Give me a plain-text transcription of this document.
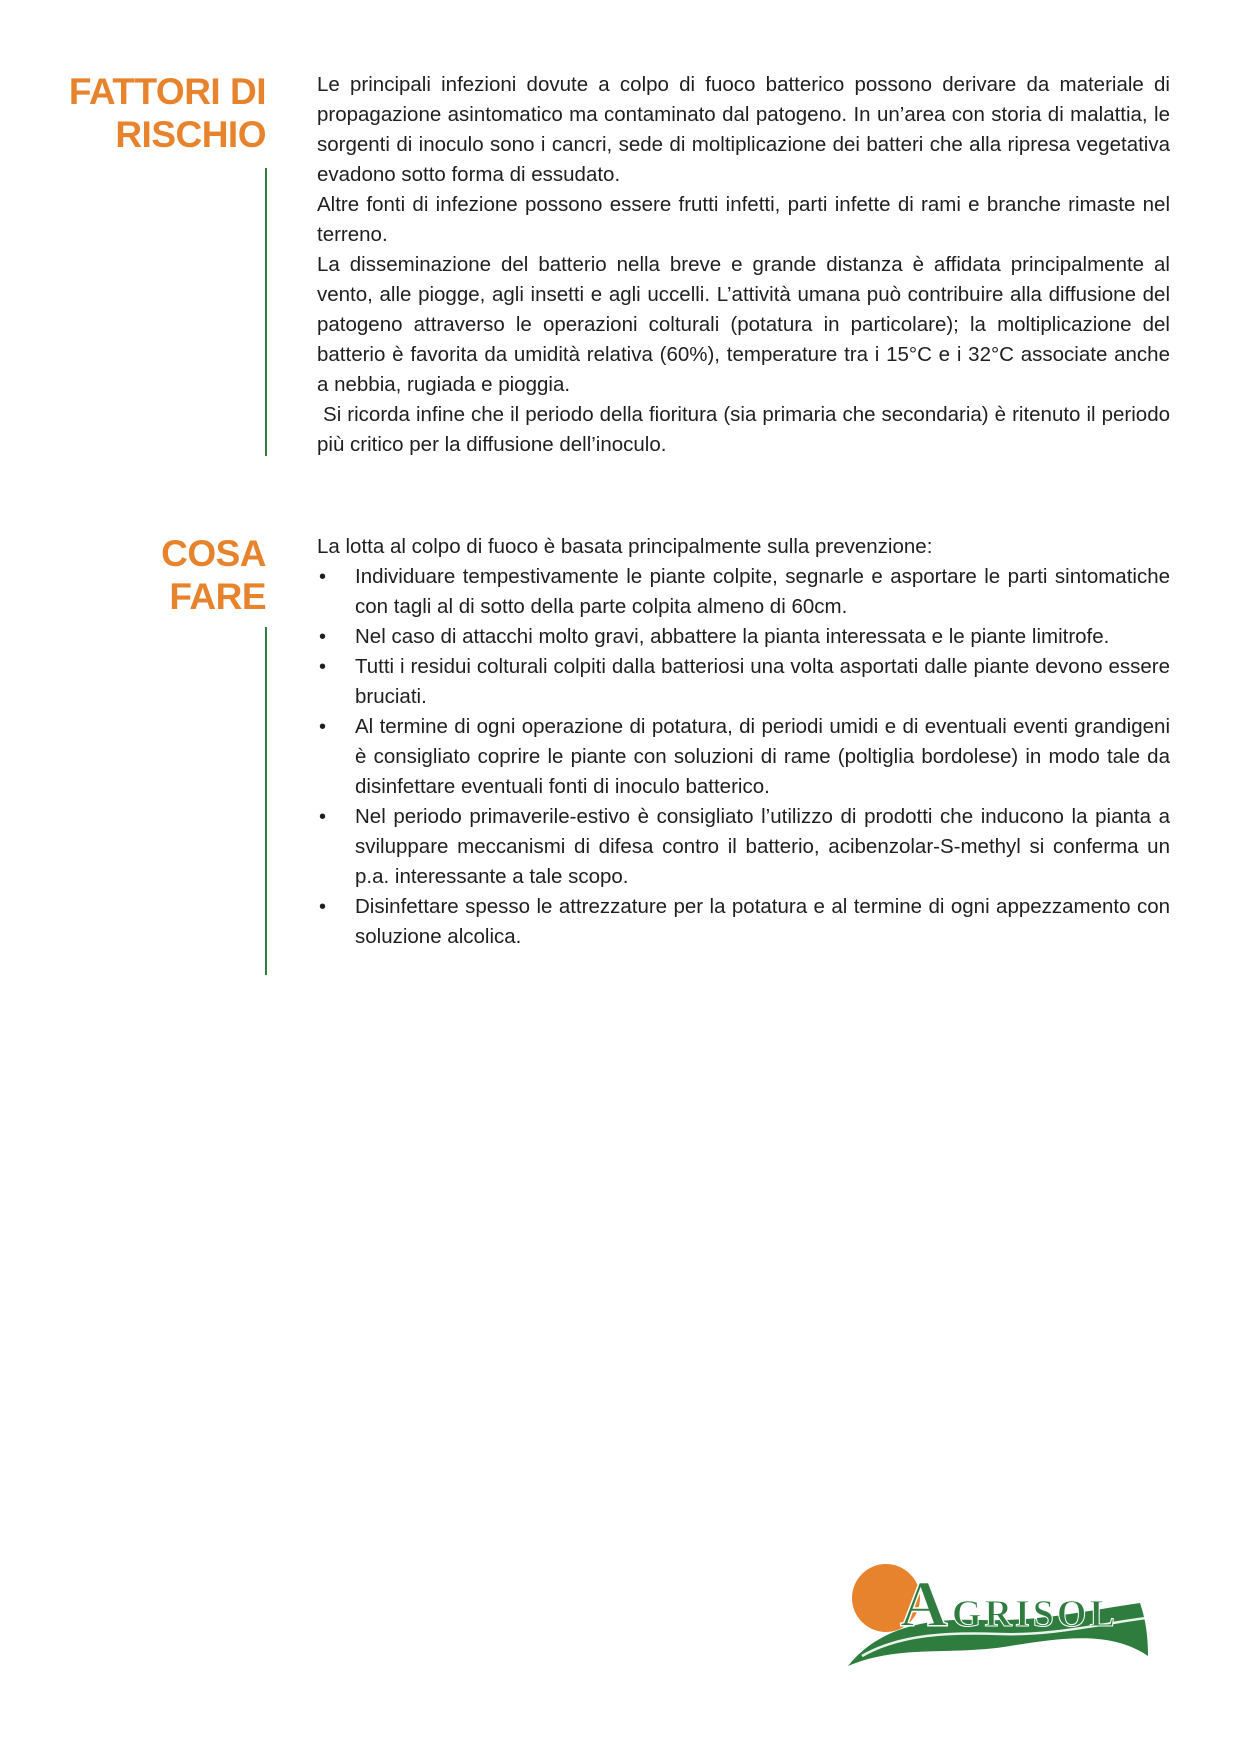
FATTORI DI
RISCHIO

Le principali infezioni dovute a colpo di fuoco batterico possono derivare da materiale di propagazione asintomatico ma contaminato dal patogeno. In un’area con storia di malattia, le sorgenti di inoculo sono i cancri, sede di moltiplicazione dei batteri che alla ripresa vegetativa evadono sotto forma di essudato.

Altre fonti di infezione possono essere frutti infetti, parti infette di rami e branche rimaste nel terreno.

La disseminazione del batterio nella breve e grande distanza è affidata principalmente al vento, alle piogge, agli insetti e agli uccelli. L’attività umana può contribuire alla diffusione del patogeno attraverso le operazioni colturali (potatura in particolare); la moltiplicazione del batterio è favorita da umidità relativa (60%), temperature tra i 15°C e i 32°C associate anche a nebbia, rugiada e pioggia.

Si ricorda infine che il periodo della fioritura (sia primaria che secondaria) è ritenuto il periodo più critico per la diffusione dell’inoculo.

COSA
FARE

La lotta al colpo di fuoco è basata principalmente sulla prevenzione:

• Individuare tempestivamente le piante colpite, segnarle e asportare le parti sintomatiche con tagli al di sotto della parte colpita almeno di 60cm.
• Nel caso di attacchi molto gravi, abbattere la pianta interessata e le piante limitrofe.
• Tutti i residui colturali colpiti dalla batteriosi una volta asportati dalle piante devono essere bruciati.
• Al termine di ogni operazione di potatura, di periodi umidi e di eventuali eventi grandigeni è consigliato coprire le piante con soluzioni di rame (poltiglia bordolese) in modo tale da disinfettare eventuali fonti di inoculo batterico.
• Nel periodo primaverile-estivo è consigliato l’utilizzo di prodotti che inducono la pianta a sviluppare meccanismi di difesa contro il batterio, acibenzolar-S-methyl si conferma un p.a. interessante a tale scopo.
• Disinfettare spesso le attrezzature per la potatura e al termine di ogni appezzamento con soluzione alcolica.
A GRISOL
